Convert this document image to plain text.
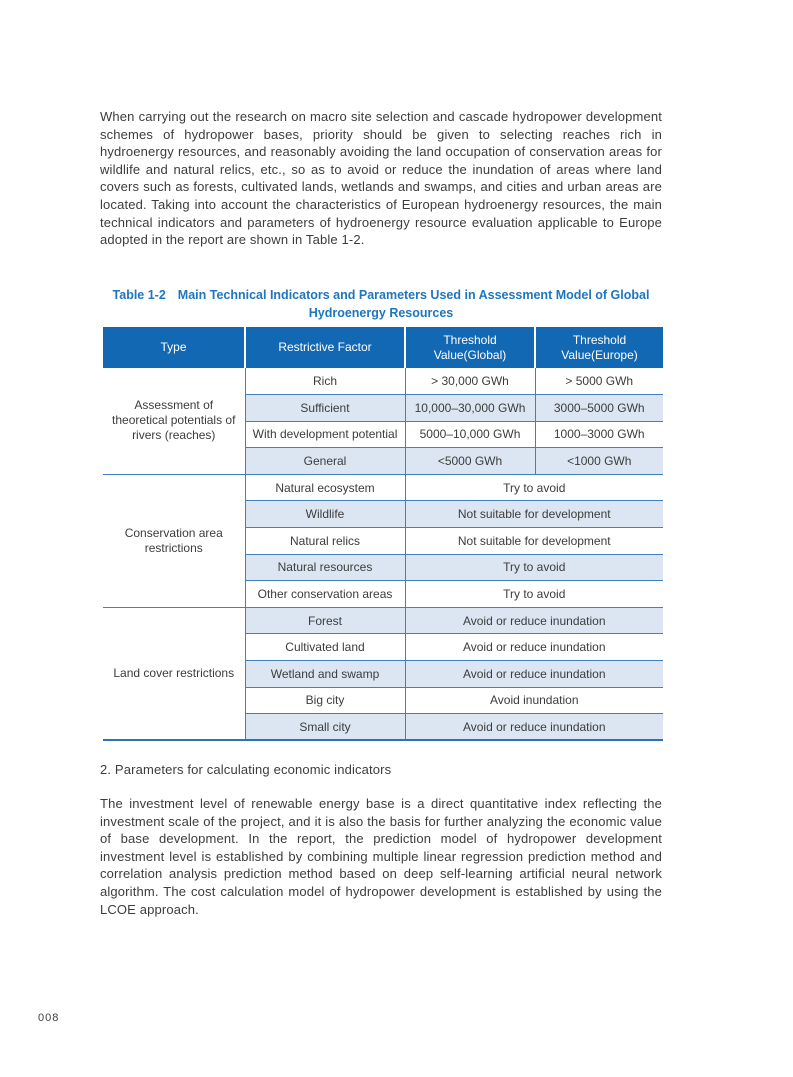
When carrying out the research on macro site selection and cascade hydropower development schemes of hydropower bases, priority should be given to selecting reaches rich in hydroenergy resources, and reasonably avoiding the land occupation of conservation areas for wildlife and natural relics, etc., so as to avoid or reduce the inundation of areas where land covers such as forests, cultivated lands, wetlands and swamps, and cities and urban areas are located. Taking into account the characteristics of European hydroenergy resources, the main technical indicators and parameters of hydroenergy resource evaluation applicable to Europe adopted in the report are shown in Table 1-2.

Table 1-2 Main Technical Indicators and Parameters Used in Assessment Model of Global
Hydroenergy Resources
Type	Restrictive Factor	Threshold Value(Global)	Threshold Value(Europe)
Assessment of theoretical potentials of rivers (reaches)	Rich	> 30,000 GWh	> 5000 GWh
	Sufficient	10,000–30,000 GWh	3000–5000 GWh
	With development potential	5000–10,000 GWh	1000–3000 GWh
	General	<5000 GWh	<1000 GWh
Conservation area restrictions	Natural ecosystem	Try to avoid	
	Wildlife	Not suitable for development	
	Natural relics	Not suitable for development	
	Natural resources	Try to avoid	
	Other conservation areas	Try to avoid	
Land cover restrictions	Forest	Avoid or reduce inundation	
	Cultivated land	Avoid or reduce inundation	
	Wetland and swamp	Avoid or reduce inundation	
	Big city	Avoid inundation	
	Small city	Avoid or reduce inundation	

2. Parameters for calculating economic indicators

The investment level of renewable energy base is a direct quantitative index reflecting the investment scale of the project, and it is also the basis for further analyzing the economic value of base development. In the report, the prediction model of hydropower development investment level is established by combining multiple linear regression prediction method and correlation analysis prediction method based on deep self-learning artificial neural network algorithm. The cost calculation model of hydropower development is established by using the LCOE approach.

008
